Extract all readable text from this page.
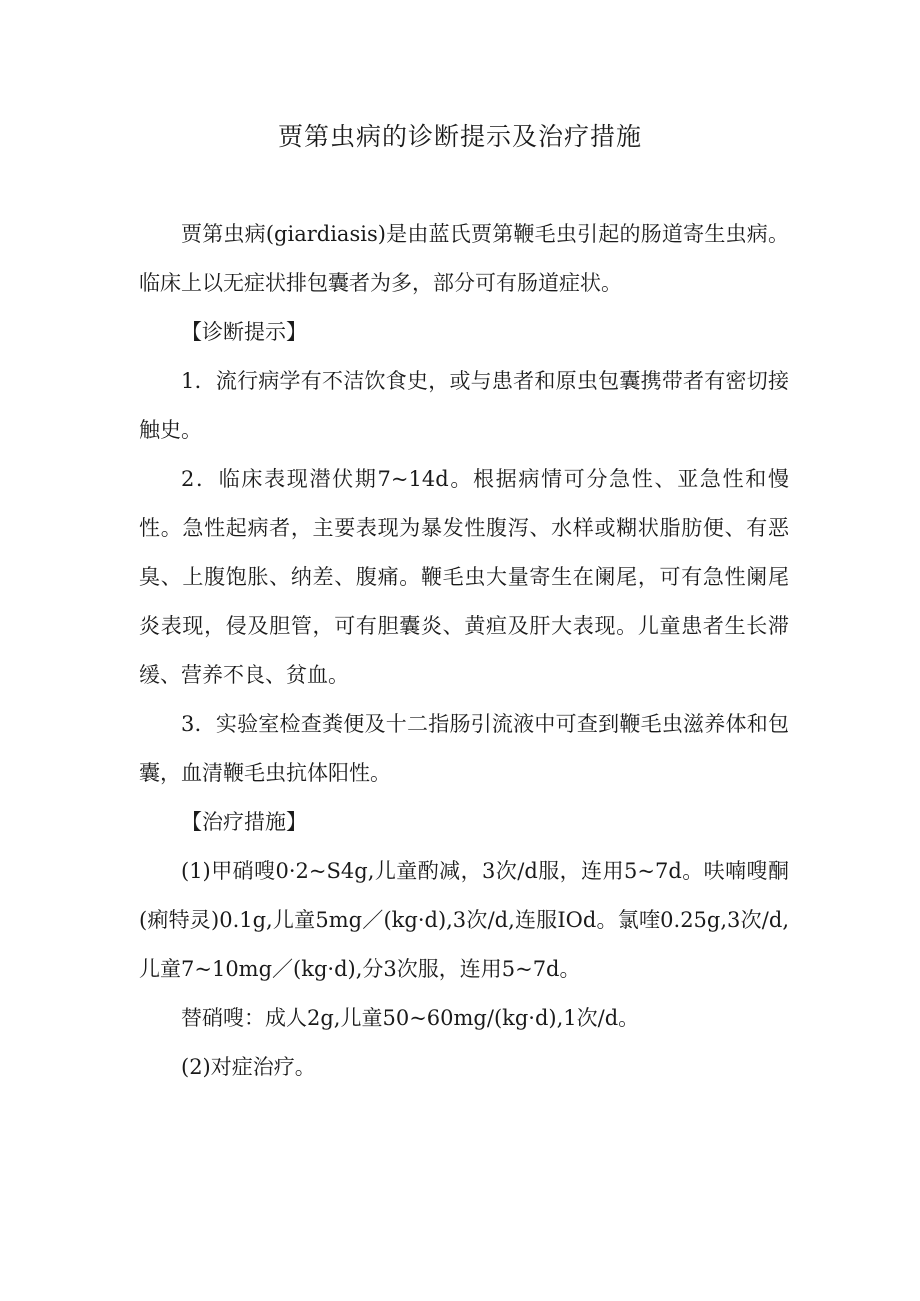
贾第虫病的诊断提示及治疗措施

贾第虫病(giardiasis)是由蓝氏贾第鞭毛虫引起的肠道寄生虫病。临床上以无症状排包囊者为多，部分可有肠道症状。

【诊断提示】

1．流行病学有不洁饮食史，或与患者和原虫包囊携带者有密切接触史。

2．临床表现潜伏期7~14d。根据病情可分急性、亚急性和慢性。急性起病者，主要表现为暴发性腹泻、水样或糊状脂肪便、有恶臭、上腹饱胀、纳差、腹痛。鞭毛虫大量寄生在阑尾，可有急性阑尾炎表现，侵及胆管，可有胆囊炎、黄疸及肝大表现。儿童患者生长滞缓、营养不良、贫血。

3．实验室检查粪便及十二指肠引流液中可查到鞭毛虫滋养体和包囊，血清鞭毛虫抗体阳性。

【治疗措施】

(1)甲硝嗖0·2~S4g,儿童酌减，3次/d服，连用5~7d。呋喃嗖酮(痢特灵)0.1g,儿童5mg／(kg·d),3次/d,连服IOd。氯喹0.25g,3次/d,儿童7~10mg／(kg·d),分3次服，连用5~7d。

替硝嗖：成人2g,儿童50~60mg/(kg·d),1次/d。

(2)对症治疗。
